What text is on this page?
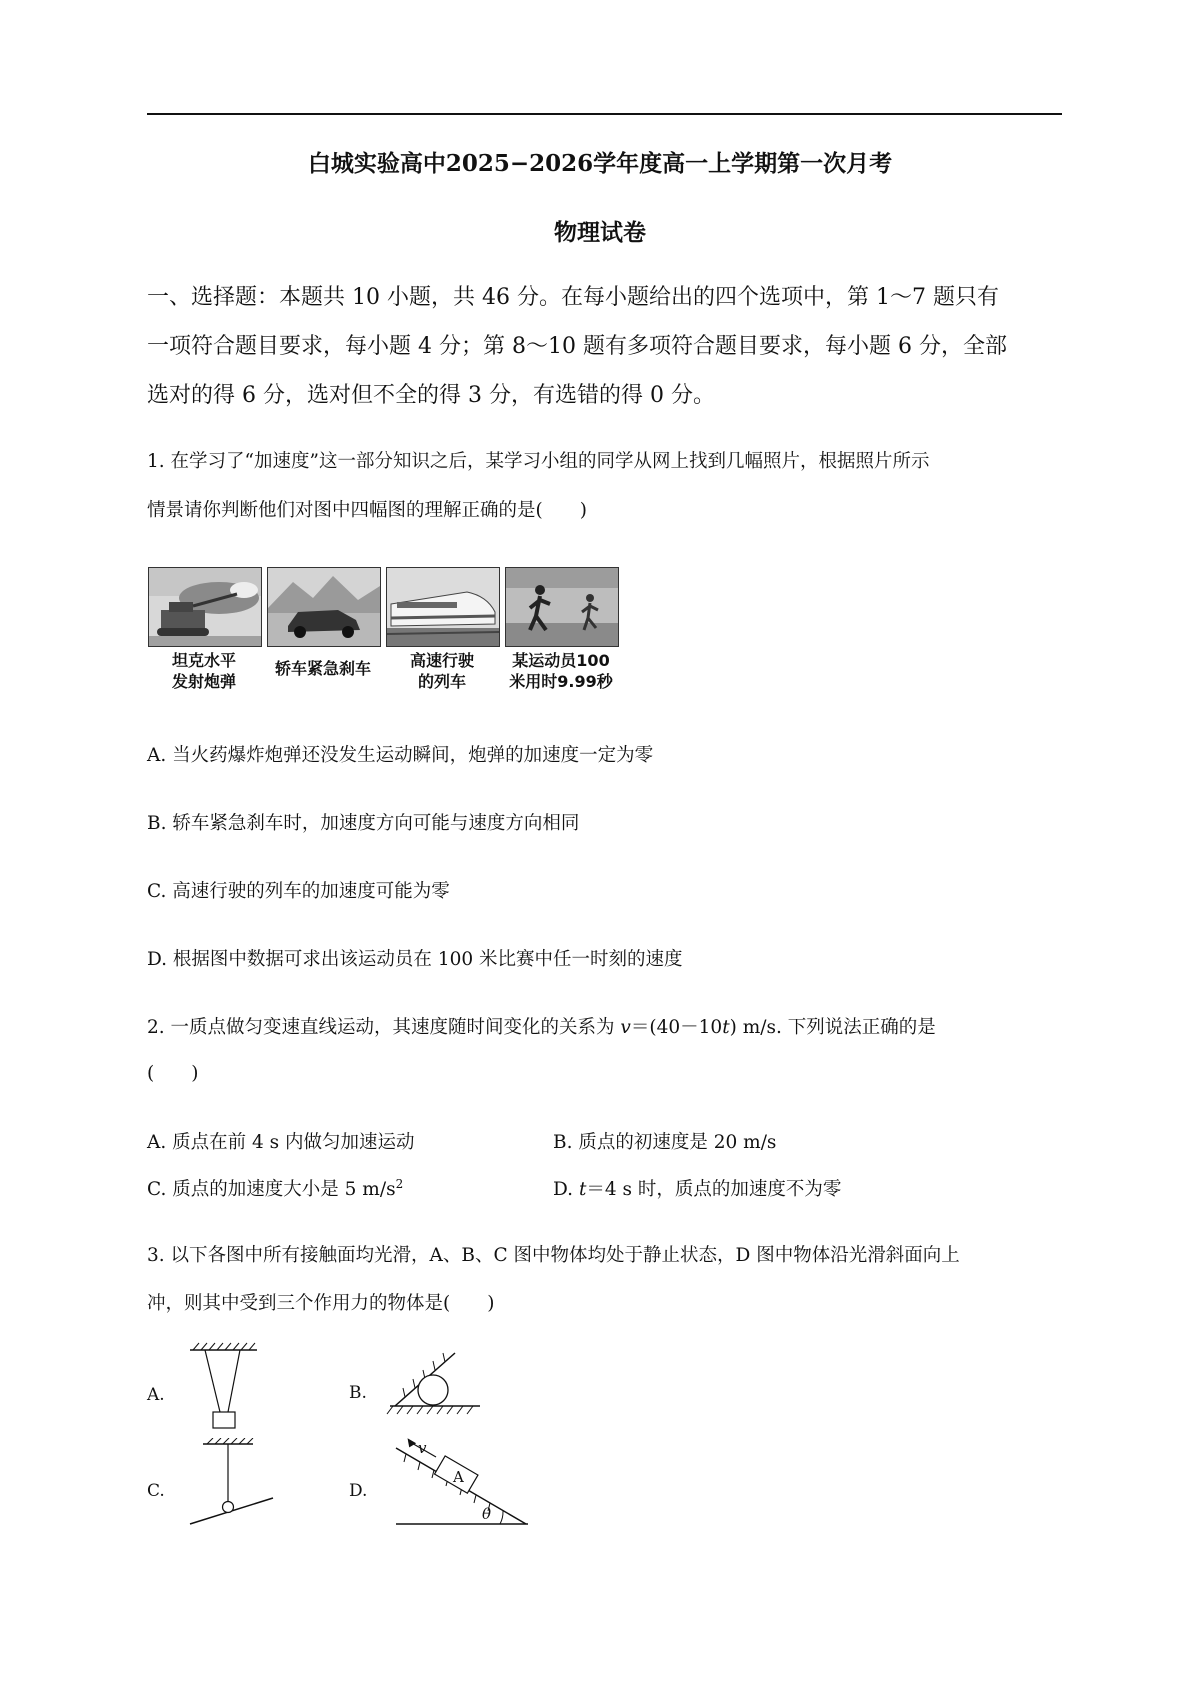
白城实验高中2025−2026学年度高一上学期第一次月考
物理试卷
一、选择题：本题共 10 小题，共 46 分。在每小题给出的四个选项中，第 1～7 题只有
一项符合题目要求，每小题 4 分；第 8～10 题有多项符合题目要求，每小题 6 分，全部
选对的得 6 分，选对但不全的得 3 分，有选错的得 0 分。
1. 在学习了“加速度”这一部分知识之后，某学习小组的同学从网上找到几幅照片，根据照片所示
情景请你判断他们对图中四幅图的理解正确的是(　　)
坦克水平
发射炮弹
轿车紧急刹车	高速行驶
的列车
某运动员100
米用时9.99秒
A. 当火药爆炸炮弹还没发生运动瞬间，炮弹的加速度一定为零
B. 轿车紧急刹车时，加速度方向可能与速度方向相同
C. 高速行驶的列车的加速度可能为零
D. 根据图中数据可求出该运动员在 100 米比赛中任一时刻的速度
2. 一质点做匀变速直线运动，其速度随时间变化的关系为 v＝(40－10t) m/s. 下列说法正确的是
(　　)
A. 质点在前 4 s 内做匀加速运动	B. 质点的初速度是 20 m/s
C. 质点的加速度大小是 5 $m/s^2$	D. t＝4 s 时，质点的加速度不为零
3. 以下各图中所有接触面均光滑，A、B、C 图中物体均处于静止状态，D 图中物体沿光滑斜面向上
冲，则其中受到三个作用力的物体是(　　)
A.	B.
C.	D.
v
A
θ
